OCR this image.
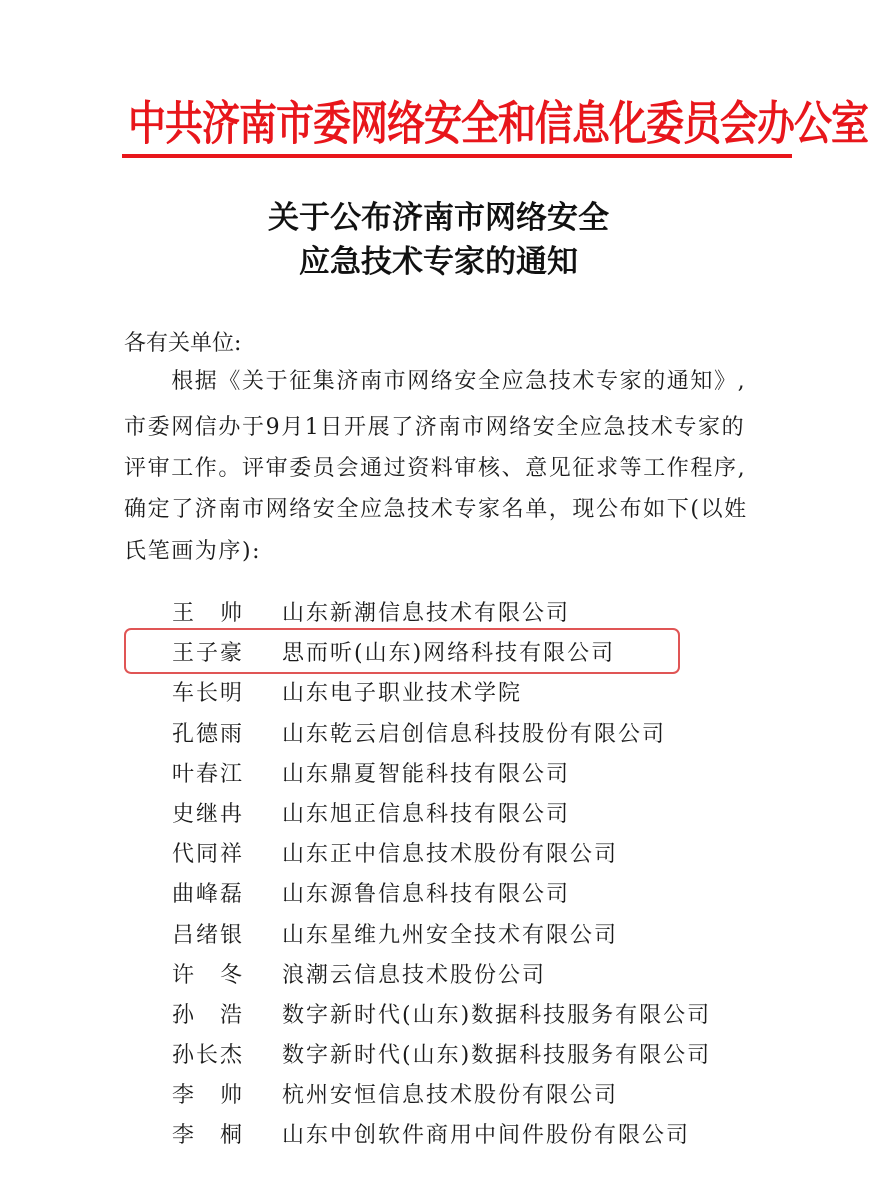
中共济南市委网络安全和信息化委员会办公室
关于公布济南市网络安全
应急技术专家的通知
各有关单位:
　　根据《关于征集济南市网络安全应急技术专家的通知》,
市委网信办于9月1日开展了济南市网络安全应急技术专家的
评审工作。评审委员会通过资料审核、意见征求等工作程序,
确定了济南市网络安全应急技术专家名单，现公布如下(以姓
氏笔画为序):
王　帅	山东新潮信息技术有限公司
王子豪	思而听(山东)网络科技有限公司
车长明	山东电子职业技术学院
孔德雨	山东乾云启创信息科技股份有限公司
叶春江	山东鼎夏智能科技有限公司
史继冉	山东旭正信息科技有限公司
代同祥	山东正中信息技术股份有限公司
曲峰磊	山东源鲁信息科技有限公司
吕绪银	山东星维九州安全技术有限公司
许　冬	浪潮云信息技术股份公司
孙　浩	数字新时代(山东)数据科技服务有限公司
孙长杰	数字新时代(山东)数据科技服务有限公司
李　帅	杭州安恒信息技术股份有限公司
李　桐	山东中创软件商用中间件股份有限公司
